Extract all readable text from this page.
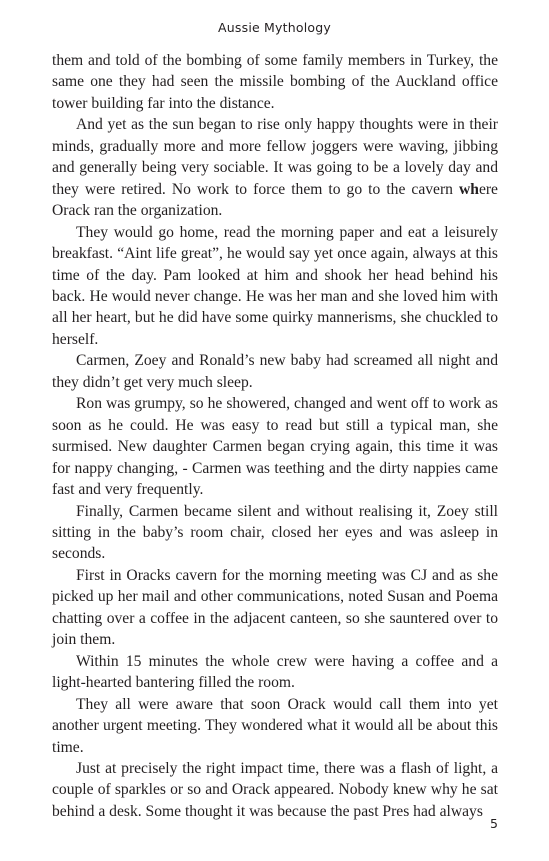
Aussie Mythology

them and told of the bombing of some family members in Turkey, the same one they had seen the missile bombing of the Auckland office tower building far into the distance.

And yet as the sun began to rise only happy thoughts were in their minds, gradually more and more fellow joggers were waving, jibbing and generally being very sociable. It was going to be a lovely day and they were retired. No work to force them to go to the cavern where Orack ran the organization.

They would go home, read the morning paper and eat a leisurely breakfast. “Aint life great”, he would say yet once again, always at this time of the day. Pam looked at him and shook her head behind his back. He would never change. He was her man and she loved him with all her heart, but he did have some quirky mannerisms, she chuckled to herself.

Carmen, Zoey and Ronald’s new baby had screamed all night and they didn’t get very much sleep.

Ron was grumpy, so he showered, changed and went off to work as soon as he could. He was easy to read but still a typical man, she surmised. New daughter Carmen began crying again, this time it was for nappy changing, - Carmen was teething and the dirty nappies came fast and very frequently.

Finally, Carmen became silent and without realising it, Zoey still sitting in the baby’s room chair, closed her eyes and was asleep in seconds.

First in Oracks cavern for the morning meeting was CJ and as she picked up her mail and other communications, noted Susan and Poema chatting over a coffee in the adjacent canteen, so she sauntered over to join them.

Within 15 minutes the whole crew were having a coffee and a light-hearted bantering filled the room.

They all were aware that soon Orack would call them into yet another urgent meeting. They wondered what it would all be about this time.

Just at precisely the right impact time, there was a flash of light, a couple of sparkles or so and Orack appeared. Nobody knew why he sat behind a desk. Some thought it was because the past Pres had always

5
